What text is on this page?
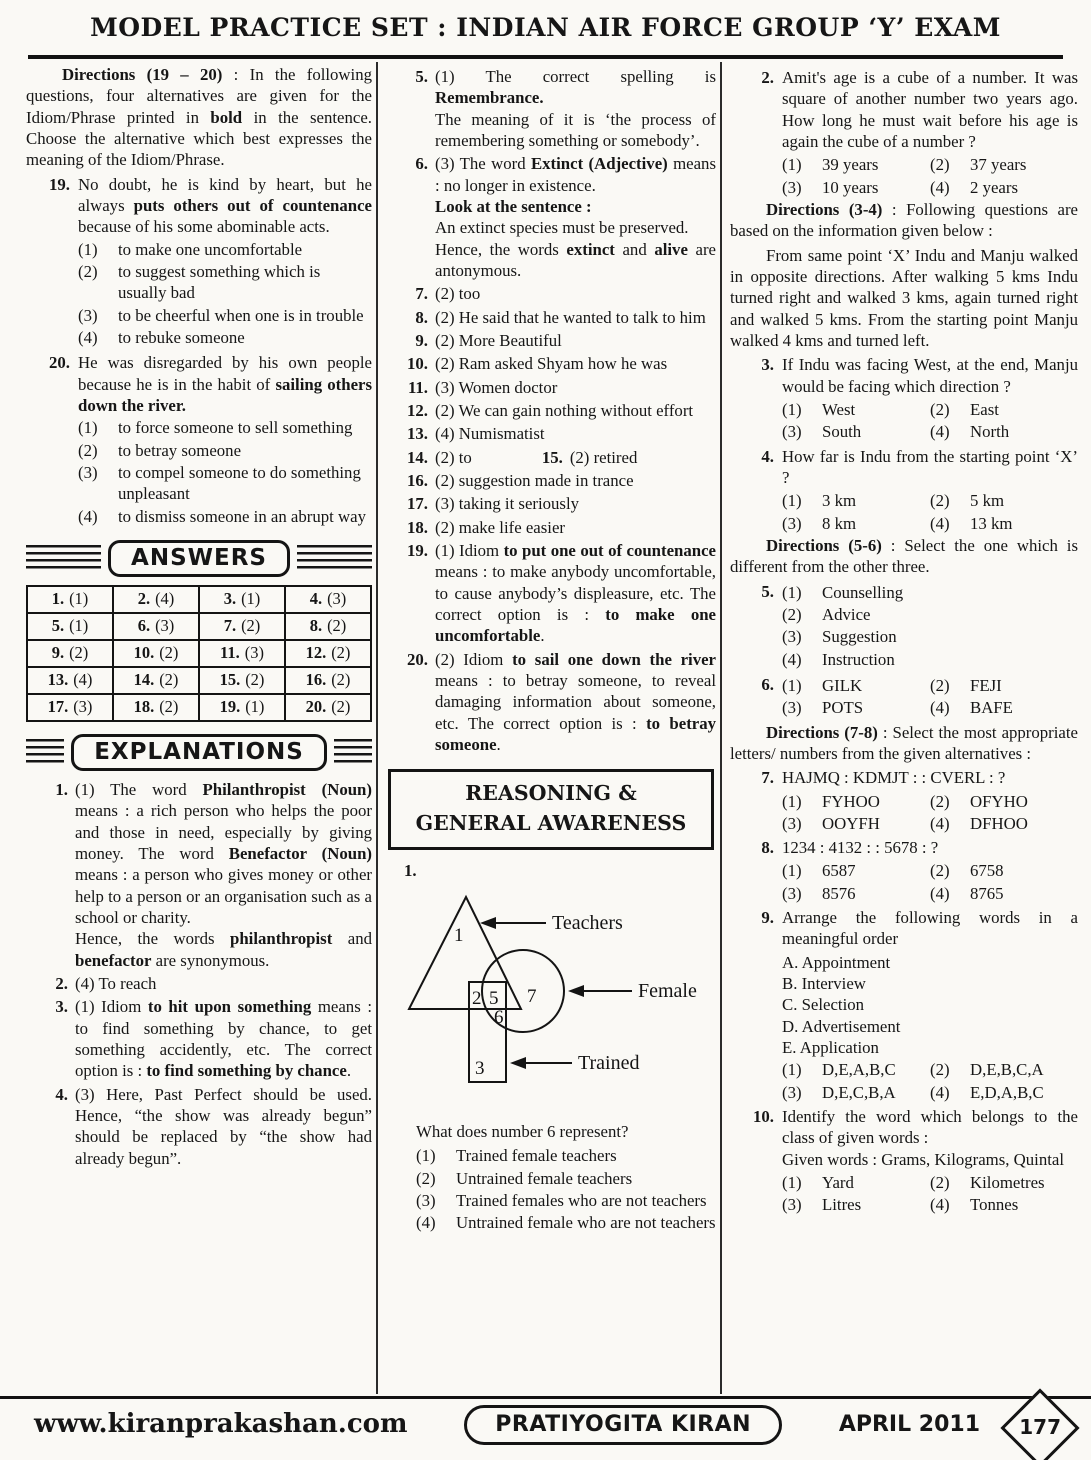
MODEL PRACTICE SET : INDIAN AIR FORCE GROUP ‘Y’ EXAM

Directions (19 – 20) : In the following questions, four alternatives are given for the Idiom/Phrase printed in bold in the sentence. Choose the alternative which best expresses the meaning of the Idiom/Phrase.

19. No doubt, he is kind by heart, but he always puts others out of countenance because of his some abominable acts.
(1)	to make one uncomfortable
(2)	to suggest something which is usually bad
(3)	to be cheerful when one is in trouble
(4)	to rebuke someone
20. He was disregarded by his own people because he is in the habit of sailing others down the river.
(1)	to force someone to sell something
(2)	to betray someone
(3)	to compel someone to do something unpleasant
(4)	to dismiss someone in an abrupt way
ANSWERS
1. (1)	2. (4)	3. (1)	4. (3)
5. (1)	6. (3)	7. (2)	8. (2)
9. (2)	10. (2)	11. (3)	12. (2)
13. (4)	14. (2)	15. (2)	16. (2)
17. (3)	18. (2)	19. (1)	20. (2)
EXPLANATIONS
1. (1) The word Philanthropist (Noun) means : a rich person who helps the poor and those in need, especially by giving money. The word Benefactor (Noun) means : a person who gives money or other help to a person or an organisation such as a school or charity.
Hence, the words philanthropist and benefactor are synonymous.
2. (4) To reach
3. (1) Idiom to hit upon something means : to find something by chance, to get something accidently, etc. The correct option is : to find something by chance.
4. (3) Here, Past Perfect should be used. Hence, “the show was already begun” should be replaced by “the show had already begun”.
5. (1) The correct spelling is Remembrance.
The meaning of it is ‘the process of remembering something or somebody’.
6. (3) The word Extinct (Adjective) means : no longer in existence.
Look at the sentence :
An extinct species must be preserved.
Hence, the words extinct and alive are antonymous.
7. (2) too
8. (2) He said that he wanted to talk to him
9. (2) More Beautiful
10. (2) Ram asked Shyam how he was
11. (3) Women doctor
12. (2) We can gain nothing without effort
13. (4) Numismatist
14. (2) to	15. (2) retired
16. (2) suggestion made in trance
17. (3) taking it seriously
18. (2) make life easier
19. (1) Idiom to put one out of countenance means : to make anybody uncomfortable, to cause anybody’s displeasure, etc. The correct option is : to make one uncomfortable.
20. (2) Idiom to sail one down the river means : to betray someone, to reveal damaging information about someone, etc. The correct option is : to betray someone.
REASONING &
GENERAL AWARENESS
1.
1
2 5 7
6
3
Teachers
Female
Trained
What does number 6 represent?
(1)	Trained female teachers
(2)	Untrained female teachers
(3)	Trained females who are not teachers
(4)	Untrained female who are not teachers
2. Amit's age is a cube of a number. It was square of another number two years ago. How long he must wait before his age is again the cube of a number ?
(1)	39 years	(2)	37 years
(3)	10 years	(4)	2 years

Directions (3-4) : Following questions are based on the information given below :

From same point ‘X’ Indu and Manju walked in opposite directions. After walking 5 kms Indu turned right and walked 3 kms, again turned right and walked 5 kms. From the starting point Manju walked 4 kms and turned left.

3. If Indu was facing West, at the end, Manju would be facing which direction ?
(1)	West	(2)	East
(3)	South	(4)	North
4. How far is Indu from the starting point ‘X’ ?
(1)	3 km	(2)	5 km
(3)	8 km	(4)	13 km

Directions (5-6) : Select the one which is different from the other three.

5. (1)	Counselling
(2)	Advice
(3)	Suggestion
(4)	Instruction
6. (1)	GILK	(2)	FEJI
(3)	POTS	(4)	BAFE

Directions (7-8) : Select the most appropriate letters/ numbers from the given alternatives :

7. HAJMQ : KDMJT : : CVERL : ?
(1)	FYHOO	(2)	OFYHO
(3)	OOYFH	(4)	DFHOO
8. 1234 : 4132 : : 5678 : ?
(1)	6587	(2)	6758
(3)	8576	(4)	8765
9. Arrange the following words in a meaningful order
A. Appointment
B. Interview
C. Selection
D. Advertisement
E. Application
(1)	D,E,A,B,C (2)	D,E,B,C,A
(3)	D,E,C,B,A (4)	E,D,A,B,C
10. Identify the word which belongs to the class of given words :
Given words : Grams, Kilograms, Quintal
(1)	Yard	(2)	Kilometres
(3)	Litres	(4)	Tonnes
www.kiranprakashan.com	PRATIYOGITA KIRAN	APRIL 2011 177
